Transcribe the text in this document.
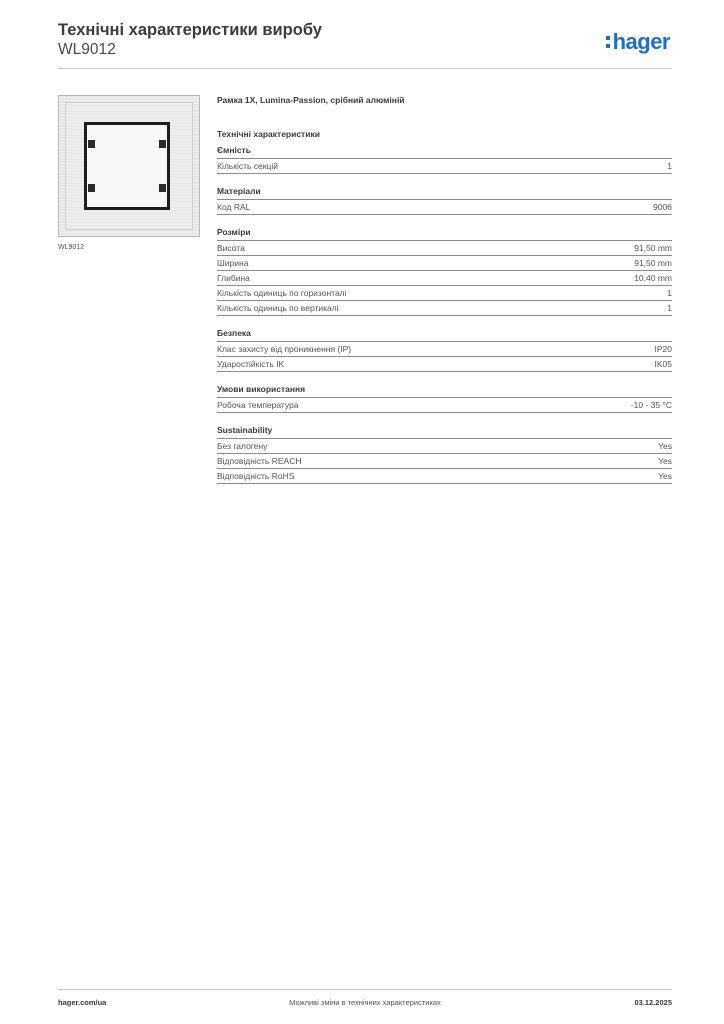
Технічні характеристики виробу
WL9012	hager
WL9012
Рамка 1X, Lumina-Passion, срібний алюміній
Технічні характеристики
Ємність
Кількість секцій	1
Матеріали
Код RAL	9006
Розміри
Висота	91,50 mm
Ширина	91,50 mm
Глибина	10,40 mm
Кількість одиниць по горизонталі	1
Кількість одиниць по вертикалі	1
Безпека
Клас захисту від проникнення (IP)	IP20
Ударостійкість IK	IK05
Умови використання
Робоча температура	-10 - 35 °C
Sustainability
Без галогену	Yes
Відповідність REACH	Yes
Відповідність RoHS	Yes
hager.com/ua	Можливі зміни в технічних характеристиках	03.12.2025
